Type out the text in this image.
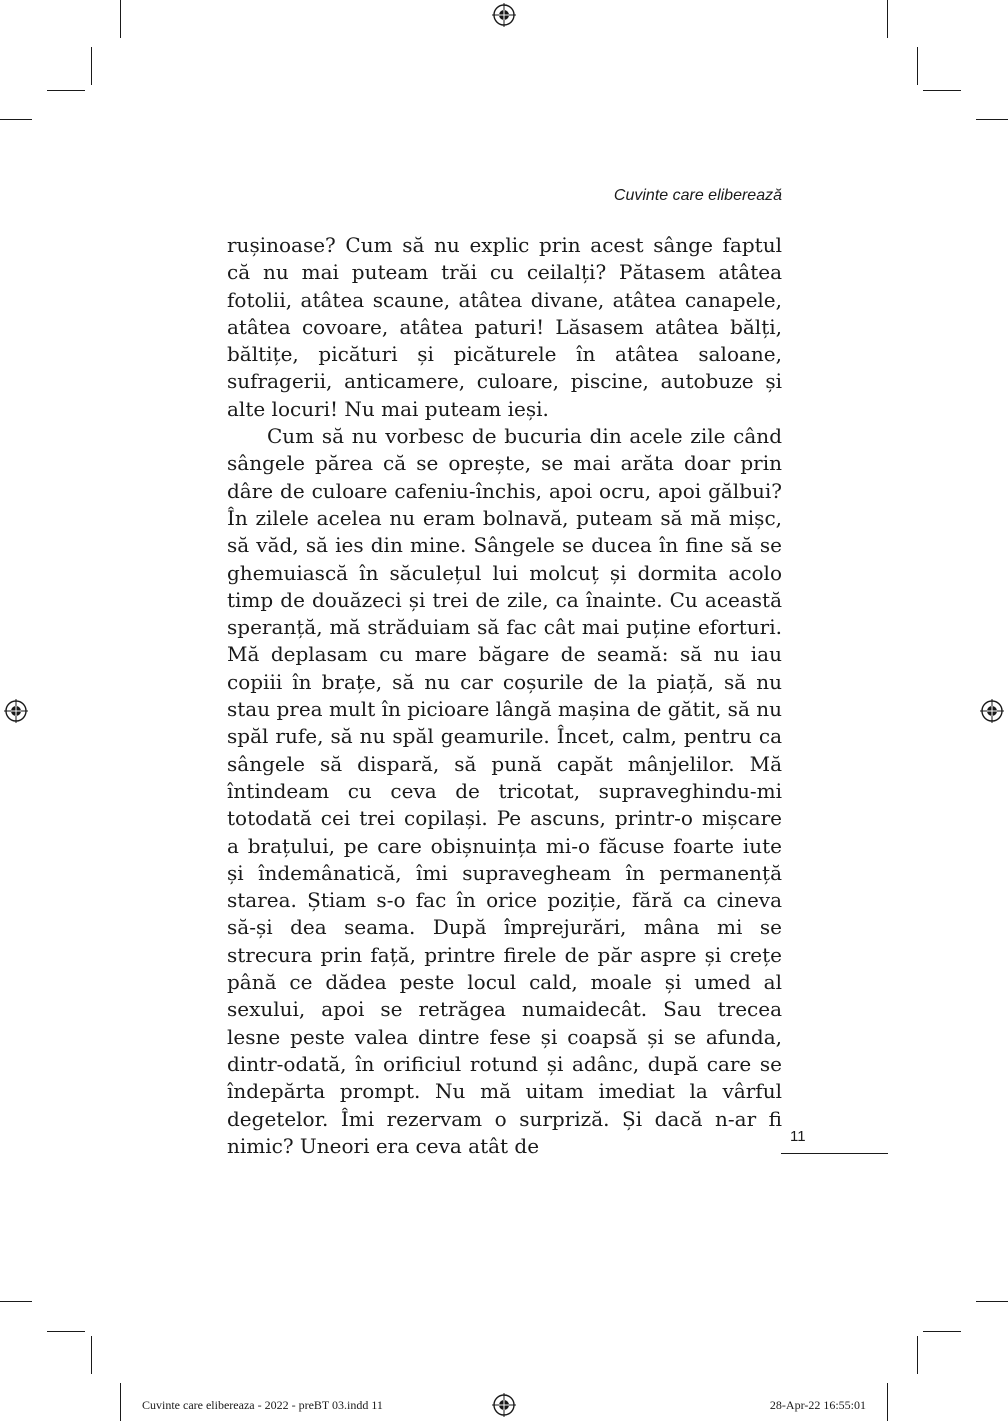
Cuvinte care eliberează

rușinoase? Cum să nu explic prin acest sânge faptul că nu mai puteam trăi cu ceilalți? Pătasem atâtea fotolii, atâtea scaune, atâtea divane, atâtea canapele, atâtea covoare, atâtea paturi! Lăsasem atâtea bălți, băltițe, picături și picăturele în atâtea saloane, sufragerii, anticamere, culoare, piscine, autobuze și alte locuri! Nu mai puteam ieși.

Cum să nu vorbesc de bucuria din acele zile când sângele părea că se oprește, se mai arăta doar prin dâre de culoare cafeniu-închis, apoi ocru, apoi gălbui? În zilele acelea nu eram bolnavă, puteam să mă mișc, să văd, să ies din mine. Sângele se ducea în fine să se ghemuiască în săculețul lui molcuț și dormita acolo timp de douăzeci și trei de zile, ca înainte. Cu această speranță, mă străduiam să fac cât mai puține eforturi. Mă deplasam cu mare băgare de seamă: să nu iau copiii în brațe, să nu car coșurile de la piață, să nu stau prea mult în picioare lângă mașina de gătit, să nu spăl rufe, să nu spăl geamurile. Încet, calm, pentru ca sângele să dispară, să pună capăt mânjelilor. Mă întindeam cu ceva de tricotat, supraveghindu-mi totodată cei trei copilași. Pe ascuns, printr-o mișcare a brațului, pe care obișnuința mi-o făcuse foarte iute și îndemânatică, îmi supravegheam în permanență starea. Știam s-o fac în orice poziție, fără ca cineva să-și dea seama. După împrejurări, mâna mi se strecura prin față, printre firele de păr aspre și crețe până ce dădea peste locul cald, moale și umed al sexului, apoi se retrăgea numaidecât. Sau trecea lesne peste valea dintre fese și coapsă și se afunda, dintr-odată, în orificiul rotund și adânc, după care se îndepărta prompt. Nu mă uitam imediat la vârful degetelor. Îmi rezervam o surpriză. Și dacă n-ar fi nimic? Uneori era ceva atât de	11
Cuvinte care elibereaza - 2022 - preBT 03.indd 11	28-Apr-22 16:55:01
